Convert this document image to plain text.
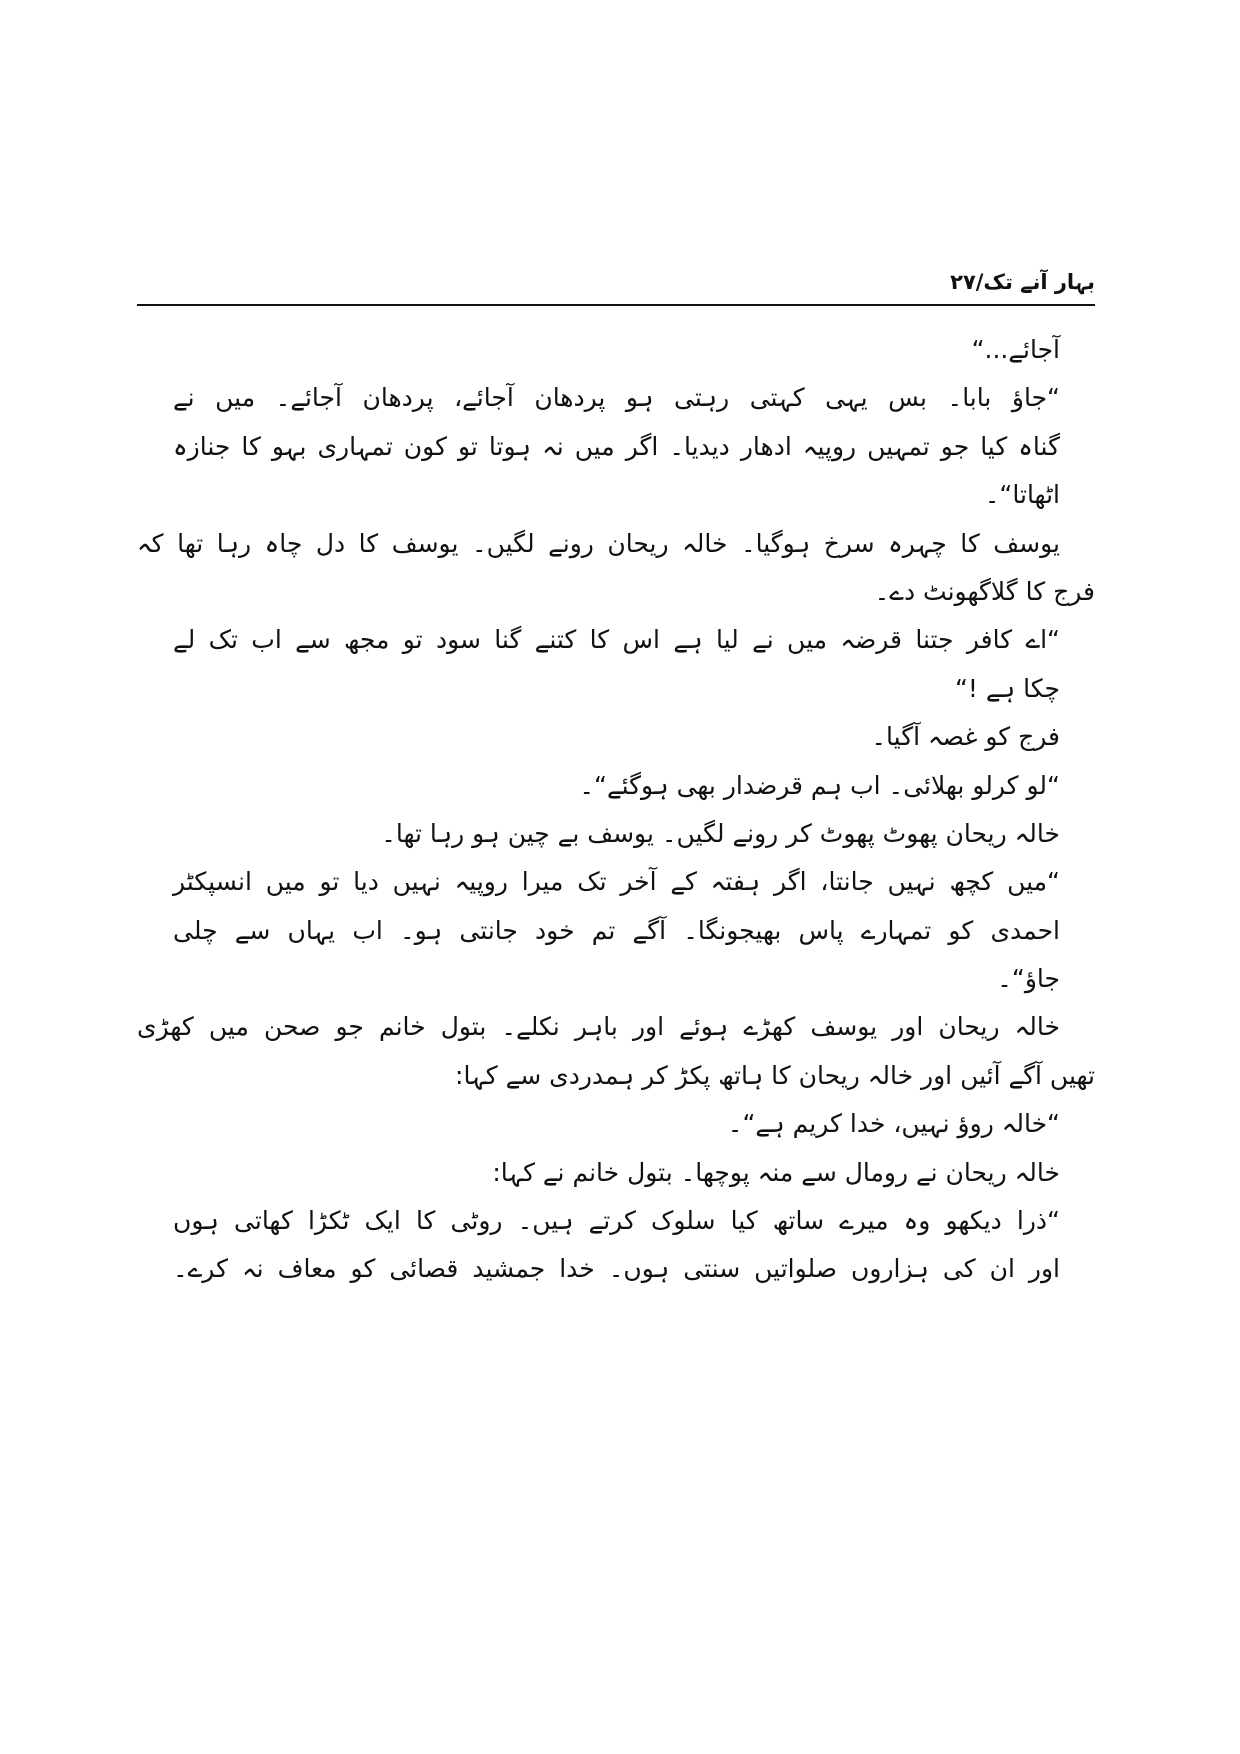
بہار آنے تک/۲۷
آجائے...“
“جاؤ بابا۔ بس یہی کہتی رہتی ہو پردھان آجائے، پردھان آجائے۔ میں نے
گناہ کیا جو تمہیں روپیہ ادھار دیدیا۔ اگر میں نہ ہوتا تو کون تمہاری بہو کا جنازہ
اٹھاتا“۔
یوسف کا چہرہ سرخ ہوگیا۔ خالہ ریحان رونے لگیں۔ یوسف کا دل چاہ رہا تھا کہ
فرج کا گلاگھونٹ دے۔
“اے کافر جتنا قرضہ میں نے لیا ہے اس کا کتنے گنا سود تو مجھ سے اب تک لے
چکا ہے !“
فرج کو غصہ آگیا۔
“لو کرلو بھلائی۔ اب ہم قرضدار بھی ہوگئے“۔
خالہ ریحان پھوٹ پھوٹ کر رونے لگیں۔ یوسف بے چین ہو رہا تھا۔
“میں کچھ نہیں جانتا، اگر ہفتہ کے آخر تک میرا روپیہ نہیں دیا تو میں انسپکٹر
احمدی کو تمہارے پاس بھیجونگا۔ آگے تم خود جانتی ہو۔ اب یہاں سے چلی
جاؤ“۔
خالہ ریحان اور یوسف کھڑے ہوئے اور باہر نکلے۔ بتول خانم جو صحن میں کھڑی
تھیں آگے آئیں اور خالہ ریحان کا ہاتھ پکڑ کر ہمدردی سے کہا:
“خالہ روؤ نہیں، خدا کریم ہے“۔
خالہ ریحان نے رومال سے منہ پوچھا۔ بتول خانم نے کہا:
“ذرا دیکھو وہ میرے ساتھ کیا سلوک کرتے ہیں۔ روٹی کا ایک ٹکڑا کھاتی ہوں
اور ان کی ہزاروں صلواتیں سنتی ہوں۔ خدا جمشید قصائی کو معاف نہ کرے۔
